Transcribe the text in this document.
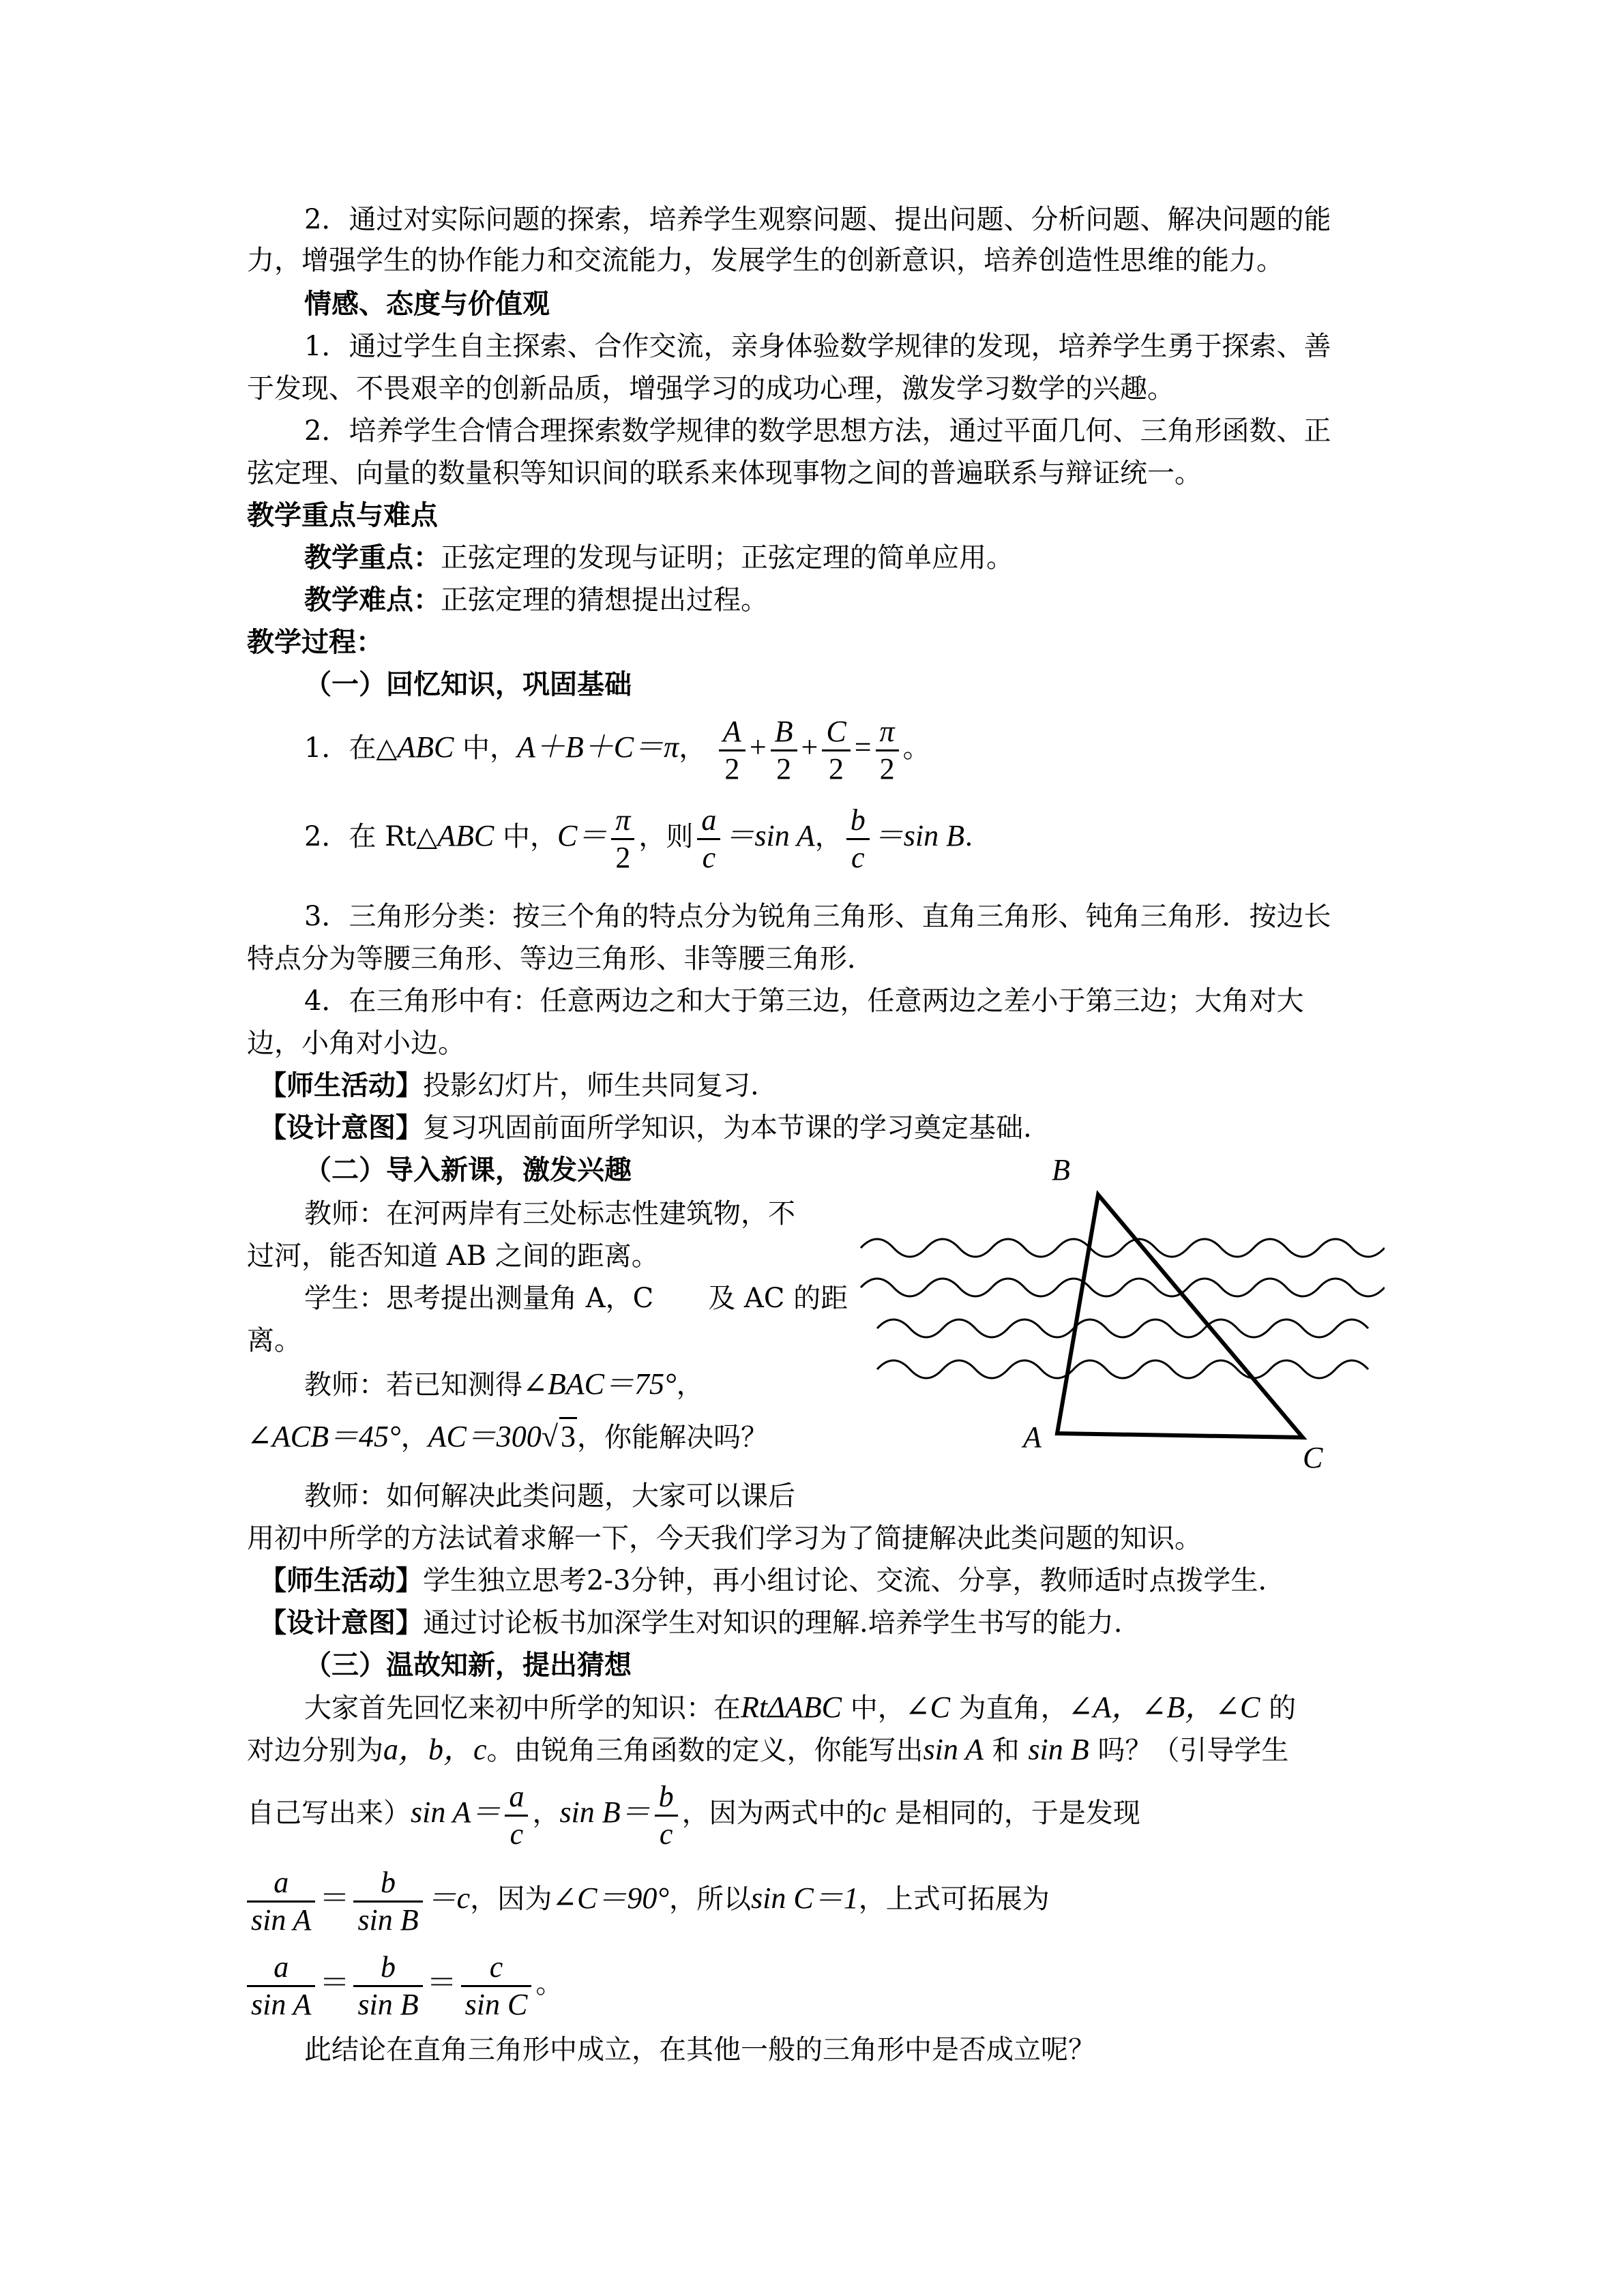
2．通过对实际问题的探索，培养学生观察问题、提出问题、分析问题、解决问题的能
力，增强学生的协作能力和交流能力，发展学生的创新意识，培养创造性思维的能力。
情感、态度与价值观
1．通过学生自主探索、合作交流，亲身体验数学规律的发现，培养学生勇于探索、善
于发现、不畏艰辛的创新品质，增强学习的成功心理，激发学习数学的兴趣。
2．培养学生合情合理探索数学规律的数学思想方法，通过平面几何、三角形函数、正
弦定理、向量的数量积等知识间的联系来体现事物之间的普遍联系与辩证统一。
教学重点与难点
教学重点：正弦定理的发现与证明；正弦定理的简单应用。
教学难点：正弦定理的猜想提出过程。
教学过程：
（一）回忆知识，巩固基础
1．在△ABC 中，A＋B＋C＝π， $\frac{A}{2} + \frac{B}{2} + \frac{C}{2} = \frac{\pi}{2}$ 。
2．在 Rt△ABC 中，$C= \frac{\pi}{2}$ ，则 $\frac{a}{c} =\sin$ A， $\frac{b}{c} =\sin$ B.
3．三角形分类：按三个角的特点分为锐角三角形、直角三角形、钝角三角形．按边长
特点分为等腰三角形、等边三角形、非等腰三角形．
4．在三角形中有：任意两边之和大于第三边，任意两边之差小于第三边；大角对大
边，小角对小边。
【师生活动】投影幻灯片，师生共同复习.
【设计意图】复习巩固前面所学知识，为本节课的学习奠定基础.
（二）导入新课，激发兴趣
教师：在河两岸有三处标志性建筑物，不
过河，能否知道 AB 之间的距离。
学生：思考提出测量角 A，C　　及 AC 的距
离。
教师：若已知测得∠BAC＝75°，
∠ACB＝45°，AC＝300√3，你能解决吗？
教师：如何解决此类问题，大家可以课后
用初中所学的方法试着求解一下，今天我们学习为了简捷解决此类问题的知识。
【师生活动】学生独立思考2-3分钟，再小组讨论、交流、分享，教师适时点拨学生.
【设计意图】通过讨论板书加深学生对知识的理解.培养学生书写的能力.
（三）温故知新，提出猜想
大家首先回忆来初中所学的知识：在RtΔABC 中，∠C 为直角，∠A，∠B，∠C 的
对边分别为a，b，c。由锐角三角函数的定义，你能写出sin A 和 sin B 吗？（引导学生
自己写出来）sin $A= \frac{a}{c}$ ，$\sin B= \frac{b}{c}$ ，因为两式中的c 是相同的，于是发现
$\frac{a}{\text{sin A}} = \frac{b}{\text{sin B}} =c$，因为∠C＝90°，所以sin C＝1，上式可拓展为
$\frac{a}{\text{sin A}} = \frac{b}{\text{sin B}} = \frac{c}{\text{sin C}}$ 。
此结论在直角三角形中成立，在其他一般的三角形中是否成立呢？
B
A
C
